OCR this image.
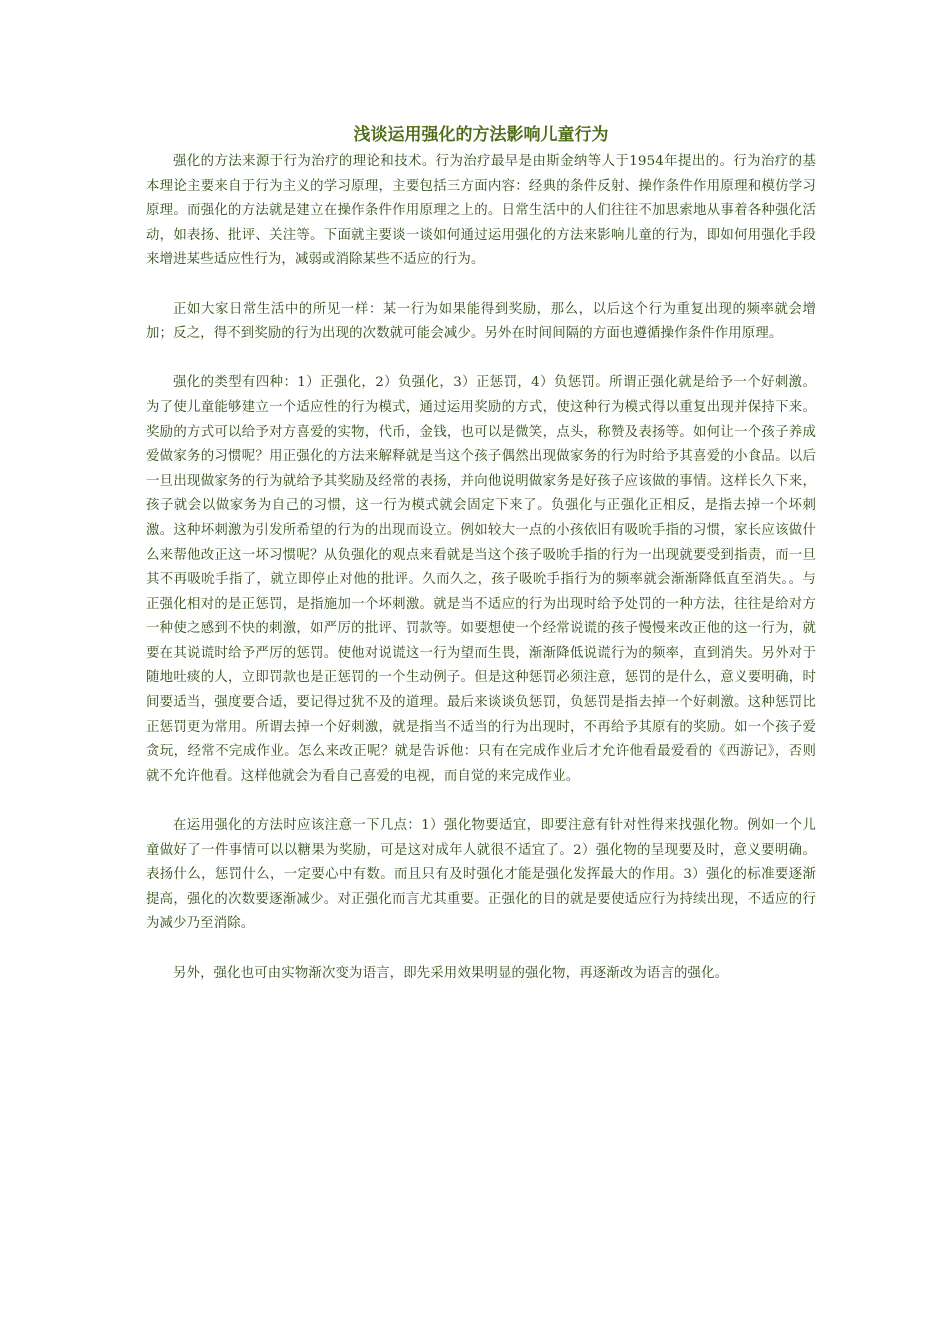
浅谈运用强化的方法影响儿童行为

强化的方法来源于行为治疗的理论和技术。行为治疗最早是由斯金纳等人于1954年提出的。行为治疗的基本理论主要来自于行为主义的学习原理，主要包括三方面内容：经典的条件反射、操作条件作用原理和模仿学习原理。而强化的方法就是建立在操作条件作用原理之上的。日常生活中的人们往往不加思索地从事着各种强化活动，如表扬、批评、关注等。下面就主要谈一谈如何通过运用强化的方法来影响儿童的行为，即如何用强化手段来增进某些适应性行为，减弱或消除某些不适应的行为。

正如大家日常生活中的所见一样：某一行为如果能得到奖励，那么，以后这个行为重复出现的频率就会增加；反之，得不到奖励的行为出现的次数就可能会减少。另外在时间间隔的方面也遵循操作条件作用原理。

强化的类型有四种：1）正强化，2）负强化，3）正惩罚，4）负惩罚。所谓正强化就是给予一个好刺激。为了使儿童能够建立一个适应性的行为模式，通过运用奖励的方式，使这种行为模式得以重复出现并保持下来。奖励的方式可以给予对方喜爱的实物，代币，金钱，也可以是微笑，点头，称赞及表扬等。如何让一个孩子养成爱做家务的习惯呢？用正强化的方法来解释就是当这个孩子偶然出现做家务的行为时给予其喜爱的小食品。以后一旦出现做家务的行为就给予其奖励及经常的表扬，并向他说明做家务是好孩子应该做的事情。这样长久下来，孩子就会以做家务为自己的习惯，这一行为模式就会固定下来了。负强化与正强化正相反，是指去掉一个坏刺激。这种坏刺激为引发所希望的行为的出现而设立。例如较大一点的小孩依旧有吸吮手指的习惯，家长应该做什么来帮他改正这一坏习惯呢？从负强化的观点来看就是当这个孩子吸吮手指的行为一出现就要受到指责，而一旦其不再吸吮手指了，就立即停止对他的批评。久而久之，孩子吸吮手指行为的频率就会渐渐降低直至消失。。与正强化相对的是正惩罚，是指施加一个坏刺激。就是当不适应的行为出现时给予处罚的一种方法，往往是给对方一种使之感到不快的刺激，如严厉的批评、罚款等。如要想使一个经常说谎的孩子慢慢来改正他的这一行为，就要在其说谎时给予严厉的惩罚。使他对说谎这一行为望而生畏，渐渐降低说谎行为的频率，直到消失。另外对于随地吐痰的人，立即罚款也是正惩罚的一个生动例子。但是这种惩罚必须注意，惩罚的是什么，意义要明确，时间要适当，强度要合适，要记得过犹不及的道理。最后来谈谈负惩罚，负惩罚是指去掉一个好刺激。这种惩罚比正惩罚更为常用。所谓去掉一个好刺激，就是指当不适当的行为出现时，不再给予其原有的奖励。如一个孩子爱贪玩，经常不完成作业。怎么来改正呢？就是告诉他：只有在完成作业后才允许他看最爱看的《西游记》，否则就不允许他看。这样他就会为看自己喜爱的电视，而自觉的来完成作业。

在运用强化的方法时应该注意一下几点：1）强化物要适宜，即要注意有针对性得来找强化物。例如一个儿童做好了一件事情可以以糖果为奖励，可是这对成年人就很不适宜了。2）强化物的呈现要及时，意义要明确。表扬什么，惩罚什么，一定要心中有数。而且只有及时强化才能是强化发挥最大的作用。3）强化的标准要逐渐提高，强化的次数要逐渐减少。对正强化而言尤其重要。正强化的目的就是要使适应行为持续出现，不适应的行为减少乃至消除。

另外，强化也可由实物渐次变为语言，即先采用效果明显的强化物，再逐渐改为语言的强化。
